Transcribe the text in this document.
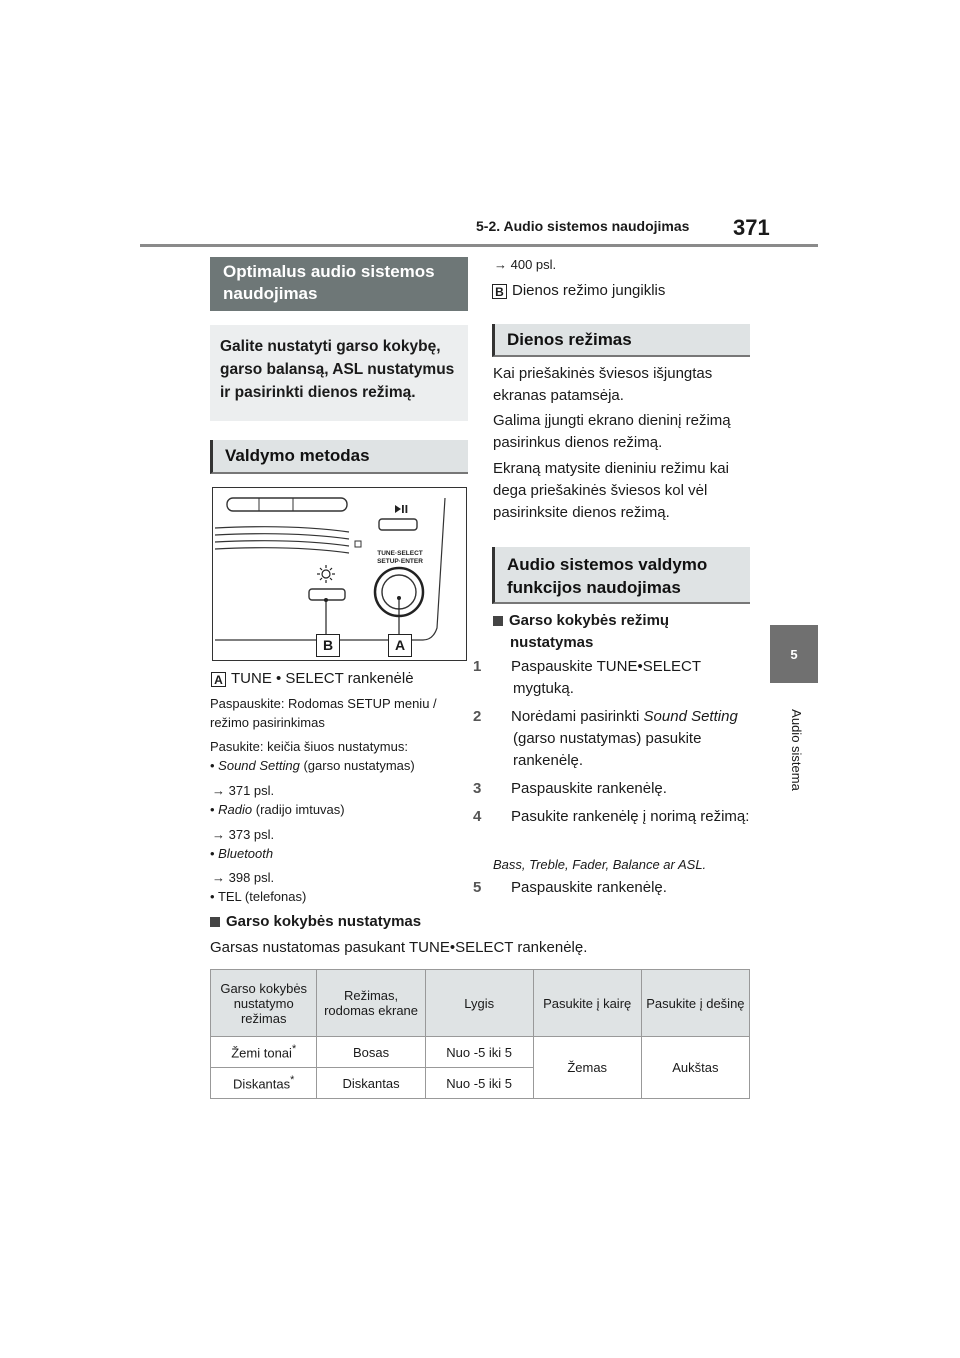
5-2. Audio sistemos naudojimas 371
5
Audio sistema
Optimalus audio sistemos naudojimas
Galite nustatyti garso kokybę, garso balansą, ASL nustatymus ir pasirinkti dienos režimą.
Valdymo metodas
TUNE·SELECT
SETUP·ENTER
B	A
A TUNE • SELECT rankenėlė
Paspauskite: Rodomas SETUP meniu / režimo pasirinkimas
Pasukite: keičia šiuos nustatymus:
• Sound Setting (garso nustatymas)
→ 371 psl.
• Radio (radijo imtuvas)
→ 373 psl.
• Bluetooth
→ 398 psl.
• TEL (telefonas)
→ 400 psl.
B Dienos režimo jungiklis
Dienos režimas
Kai priešakinės šviesos išjungtas ekranas patamsėja.
Galima įjungti ekrano dieninį režimą pasirinkus dienos režimą.
Ekraną matysite dieniniu režimu kai dega priešakinės šviesos kol vėl pasirinksite dienos režimą.
Audio sistemos valdymo funkcijos naudojimas
Garso kokybės režimų nustatymas
1 Paspauskite TUNE•SELECT mygtuką.
2 Norėdami pasirinkti Sound Setting (garso nustatymas) pasukite rankenėlę.
3 Paspauskite rankenėlę.
4 Pasukite rankenėlę į norimą režimą:
Bass, Treble, Fader, Balance ar ASL.
5 Paspauskite rankenėlę.
Garso kokybės nustatymas
Garsas nustatomas pasukant TUNE•SELECT rankenėlę.
Garso kokybės nustatymo režimas	Režimas, rodomas ekrane	Lygis	Pasukite į kairę	Pasukite į dešinę
Žemi tonai*	Bosas	Nuo -5 iki 5	Žemas	Aukštas
Diskantas*	Diskantas	Nuo -5 iki 5		
